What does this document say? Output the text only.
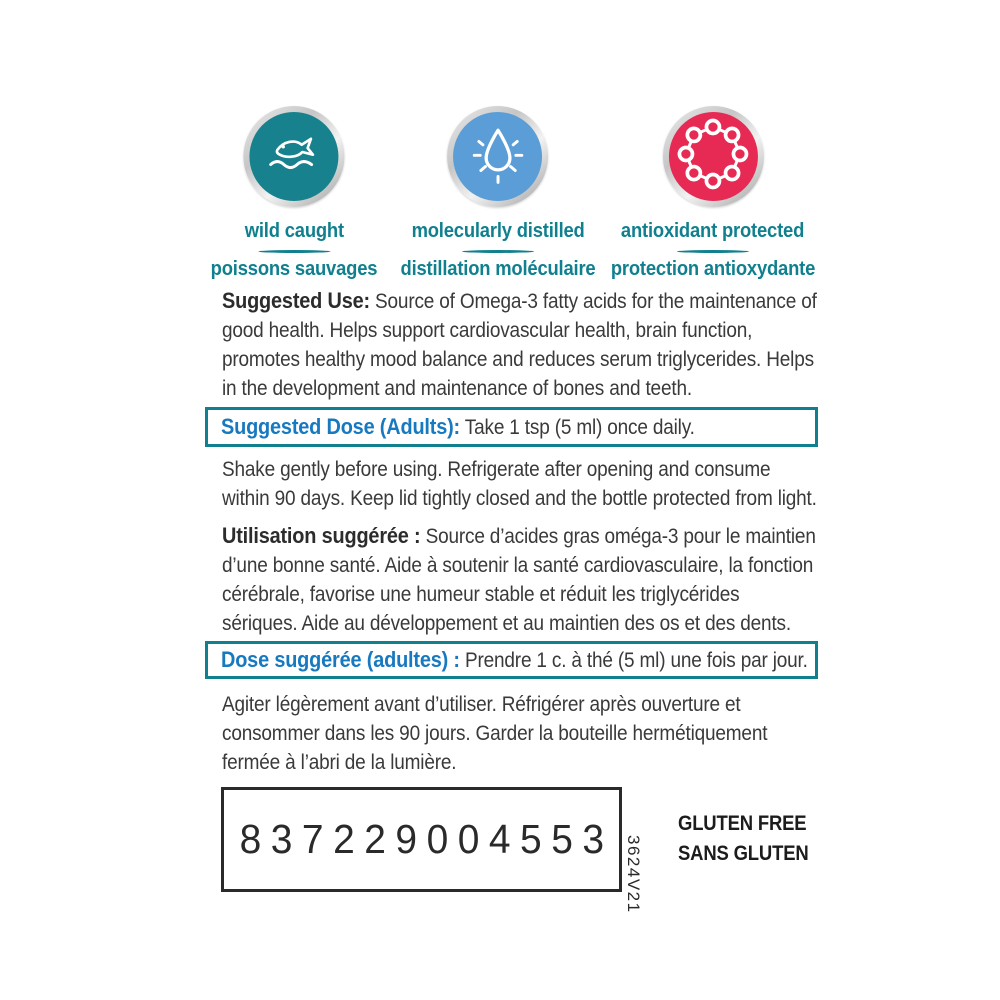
wild caught
poissons sauvages
molecularly distilled
distillation moléculaire
antioxidant protected
protection antioxydante

Suggested Use: Source of Omega-3 fatty acids for the maintenance of good health. Helps support cardiovascular health, brain function, promotes healthy mood balance and reduces serum triglycerides. Helps in the development and maintenance of bones and teeth.

Suggested Dose (Adults): Take 1 tsp (5 ml) once daily.

Shake gently before using. Refrigerate after opening and consume within 90 days. Keep lid tightly closed and the bottle protected from light.

Utilisation suggérée : Source d’acides gras oméga-3 pour le maintien d’une bonne santé. Aide à soutenir la santé cardiovasculaire, la fonction cérébrale, favorise une humeur stable et réduit les triglycérides sériques. Aide au développement et au maintien des os et des dents.

Dose suggérée (adultes) : Prendre 1 c. à thé (5 ml) une fois par jour.

Agiter légèrement avant d’utiliser. Réfrigérer après ouverture et consommer dans les 90 jours. Garder la bouteille hermétiquement fermée à l’abri de la lumière.

837229004553 3624V21
GLUTEN FREE
SANS GLUTEN
